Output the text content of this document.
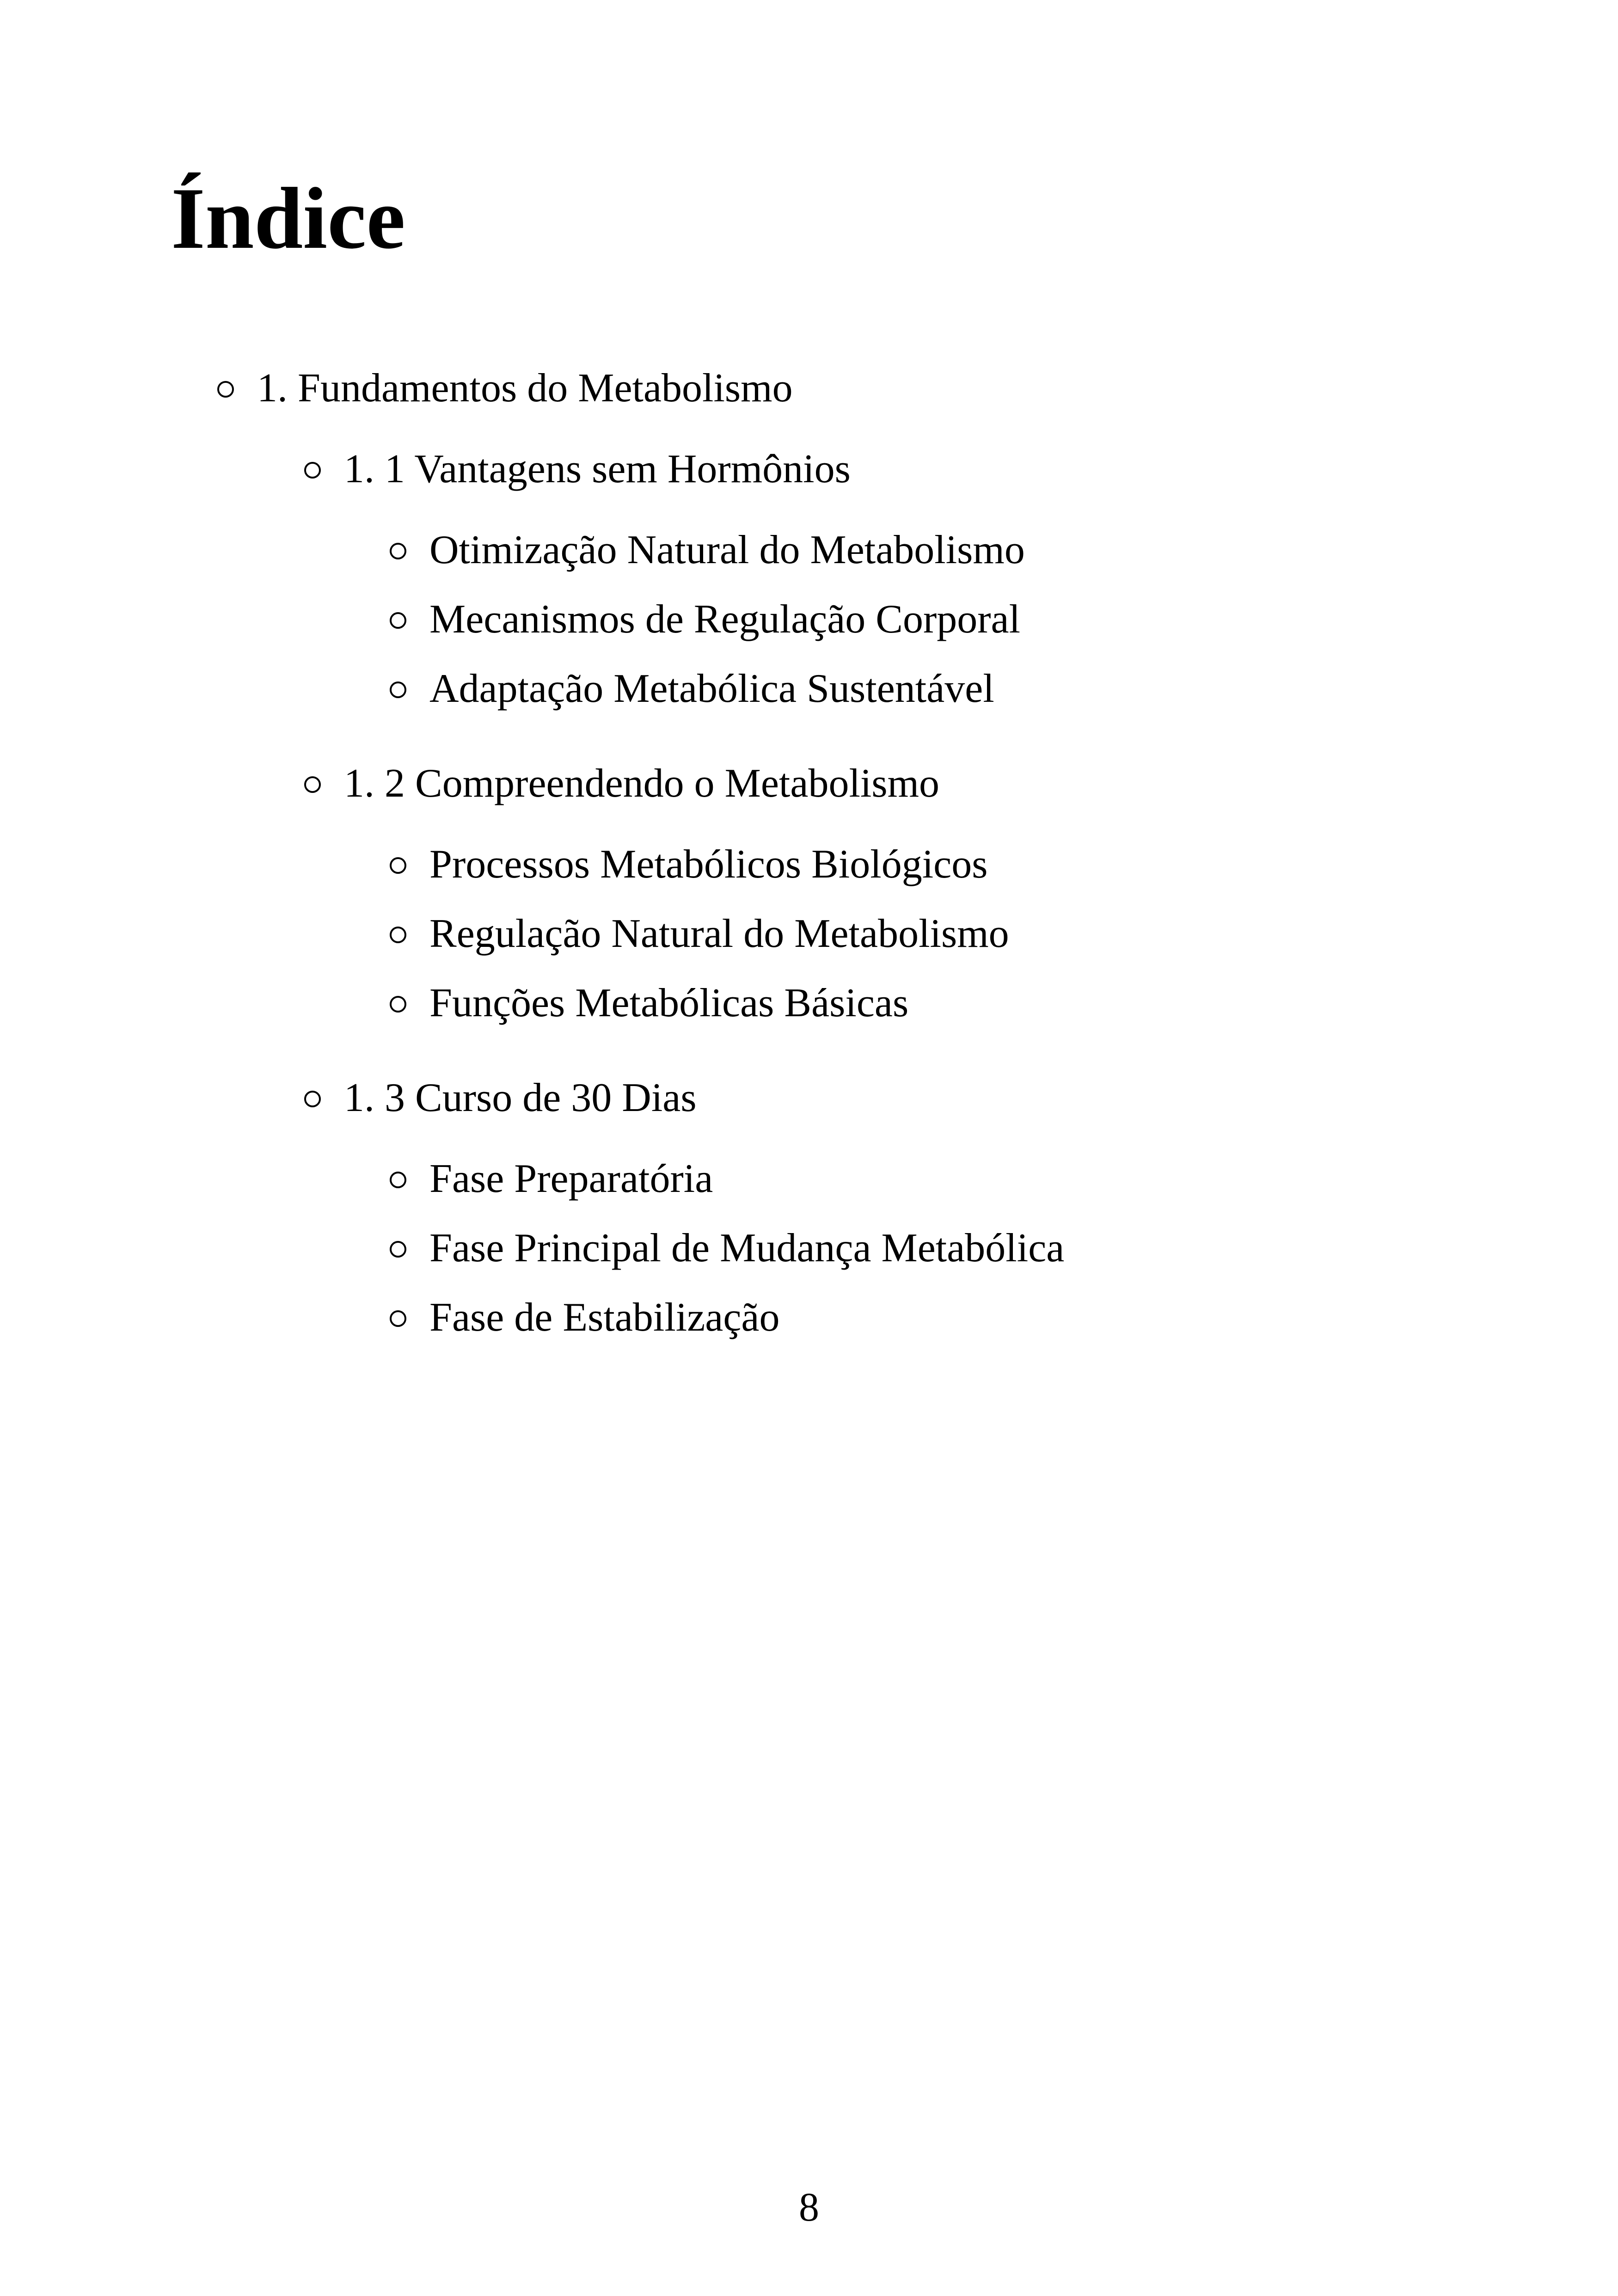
Índice
1. Fundamentos do Metabolismo
1. 1 Vantagens sem Hormônios
Otimização Natural do Metabolismo
Mecanismos de Regulação Corporal
Adaptação Metabólica Sustentável
1. 2 Compreendendo o Metabolismo
Processos Metabólicos Biológicos
Regulação Natural do Metabolismo
Funções Metabólicas Básicas
1. 3 Curso de 30 Dias
Fase Preparatória
Fase Principal de Mudança Metabólica
Fase de Estabilização
8
